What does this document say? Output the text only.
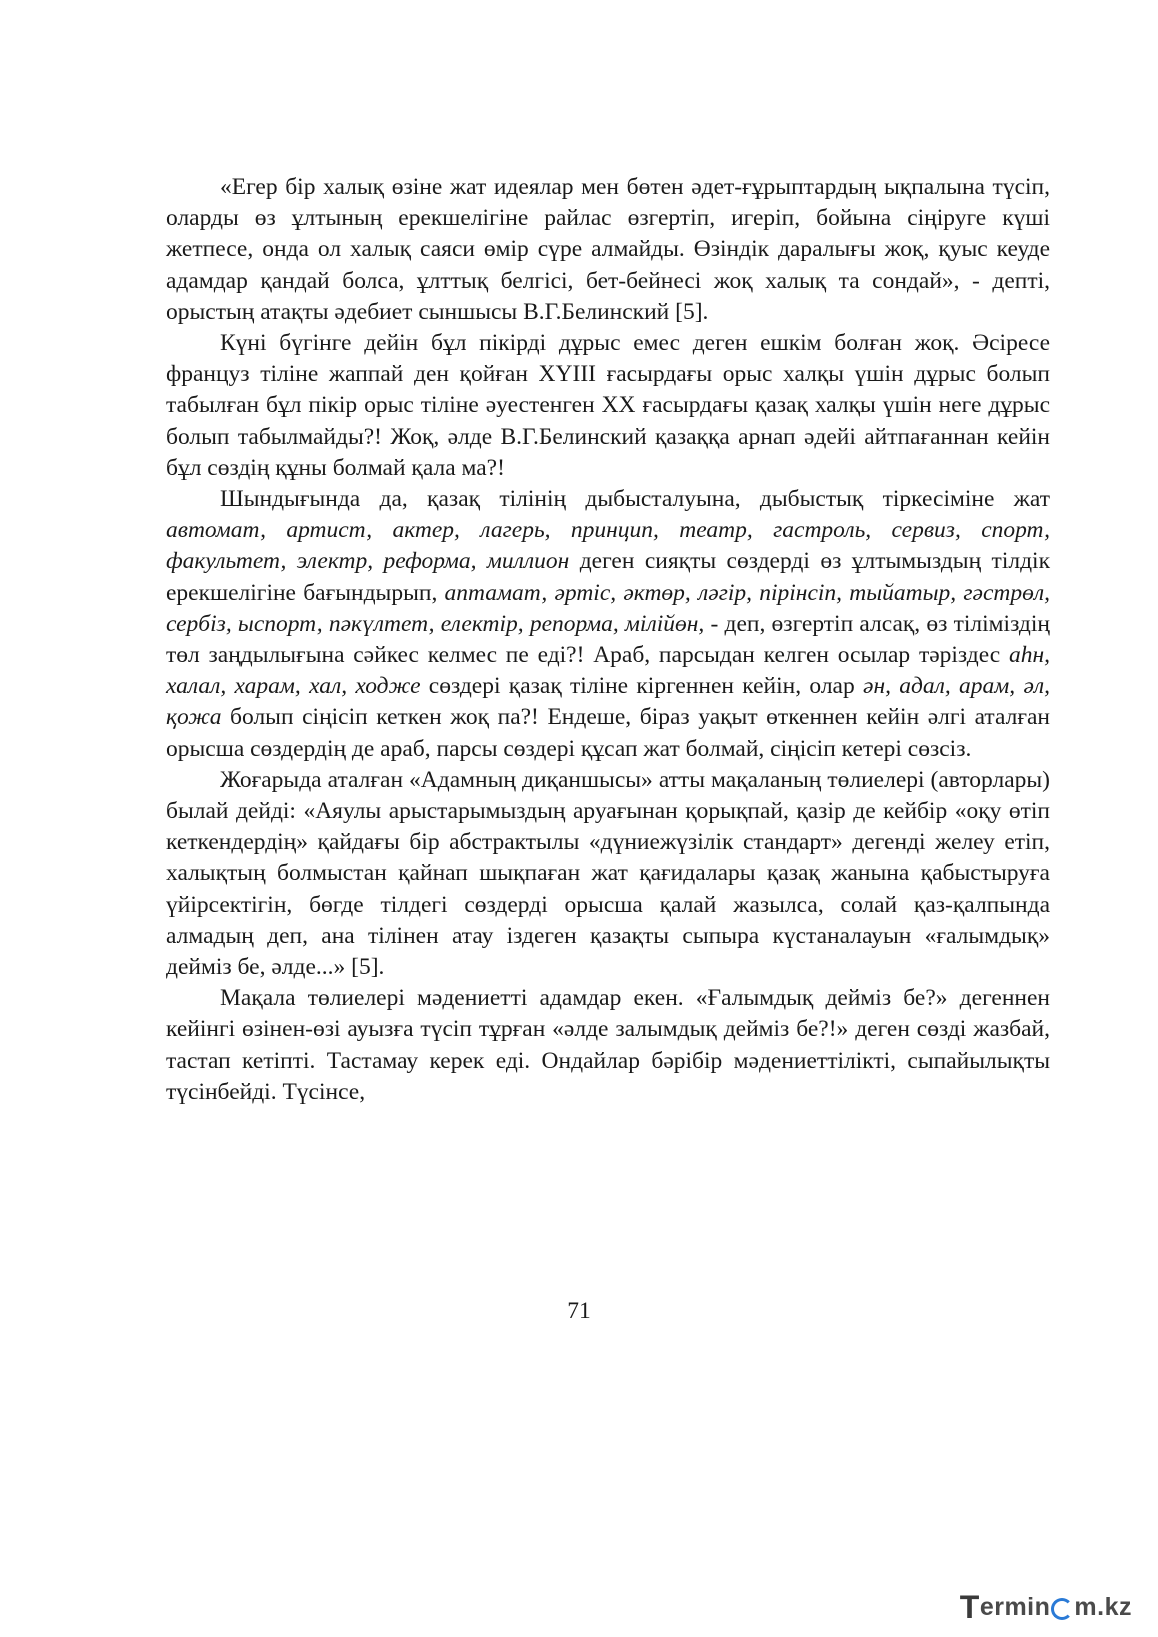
«Егер бір халық өзіне жат идеялар мен бөтен әдет-ғұрыптардың ықпалына түсіп, оларды өз ұлтының ерекшелігіне райлас өзгертіп, игеріп, бойына сіңіруге күші жетпесе, онда ол халық саяси өмір сүре алмайды. Өзіндік даралығы жоқ, қуыс кеуде адамдар қандай болса, ұлттық белгісі, бет-бейнесі жоқ халық та сондай», - депті, орыстың атақты әдебиет сыншысы В.Г.Белинский [5].

Күні бүгінге дейін бұл пікірді дұрыс емес деген ешкім болған жоқ. Әсіресе француз тіліне жаппай ден қойған ХҮІІІ ғасырдағы орыс халқы үшін дұрыс болып табылған бұл пікір орыс тіліне әуестенген ХХ ғасырдағы қазақ халқы үшін неге дұрыс болып табылмайды?! Жоқ, әлде В.Г.Белинский қазаққа арнап әдейі айтпағаннан кейін бұл сөздің құны болмай қала ма?!

Шындығында да, қазақ тілінің дыбысталуына, дыбыстық тіркесіміне жат автомат, артист, актер, лагерь, принцип, театр, гастроль, сервиз, спорт, факультет, электр, реформа, миллион деген сияқты сөздерді өз ұлтымыздың тілдік ерекшелігіне бағындырып, аптамат, әртіс, әктөр, ләгір, пірінсіп, тыйатыр, гәстрөл, сербіз, ыспорт, пәкүлтет, електір, репорма, мілійөн, - деп, өзгертіп алсақ, өз тіліміздің төл заңдылығына сәйкес келмес пе еді?! Араб, парсыдан келген осылар тәріздес аһн, халал, харам, хал, ходже сөздері қазақ тіліне кіргеннен кейін, олар ән, адал, арам, әл, қожа болып сіңісіп кеткен жоқ па?! Ендеше, біраз уақыт өткеннен кейін әлгі аталған орысша сөздердің де араб, парсы сөздері құсап жат болмай, сіңісіп кетері сөзсіз.

Жоғарыда аталған «Адамның диқаншысы» атты мақаланың төлиелері (авторлары) былай дейді: «Аяулы арыстарымыздың аруағынан қорықпай, қазір де кейбір «оқу өтіп кеткендердің» қайдағы бір абстрактылы «дүниежүзілік стандарт» дегенді желеу етіп, халықтың болмыстан қайнап шықпаған жат қағидалары қазақ жанына қабыстыруға үйірсектігін, бөгде тілдегі сөздерді орысша қалай жазылса, солай қаз-қалпында алмадың деп, ана тілінен атау іздеген қазақты сыпыра күстаналауын «ғалымдық» дейміз бе, әлде...» [5].

Мақала төлиелері мәдениетті адамдар екен. «Ғалымдық дейміз бе?» дегеннен кейінгі өзінен-өзі ауызға түсіп тұрған «әлде залымдық дейміз бе?!» деген сөзді жазбай, тастап кетіпті. Тастамау керек еді. Ондайлар бәрібір мәдениеттілікті, сыпайылықты түсінбейді. Түсінсе,

71
T ermin m.kz
